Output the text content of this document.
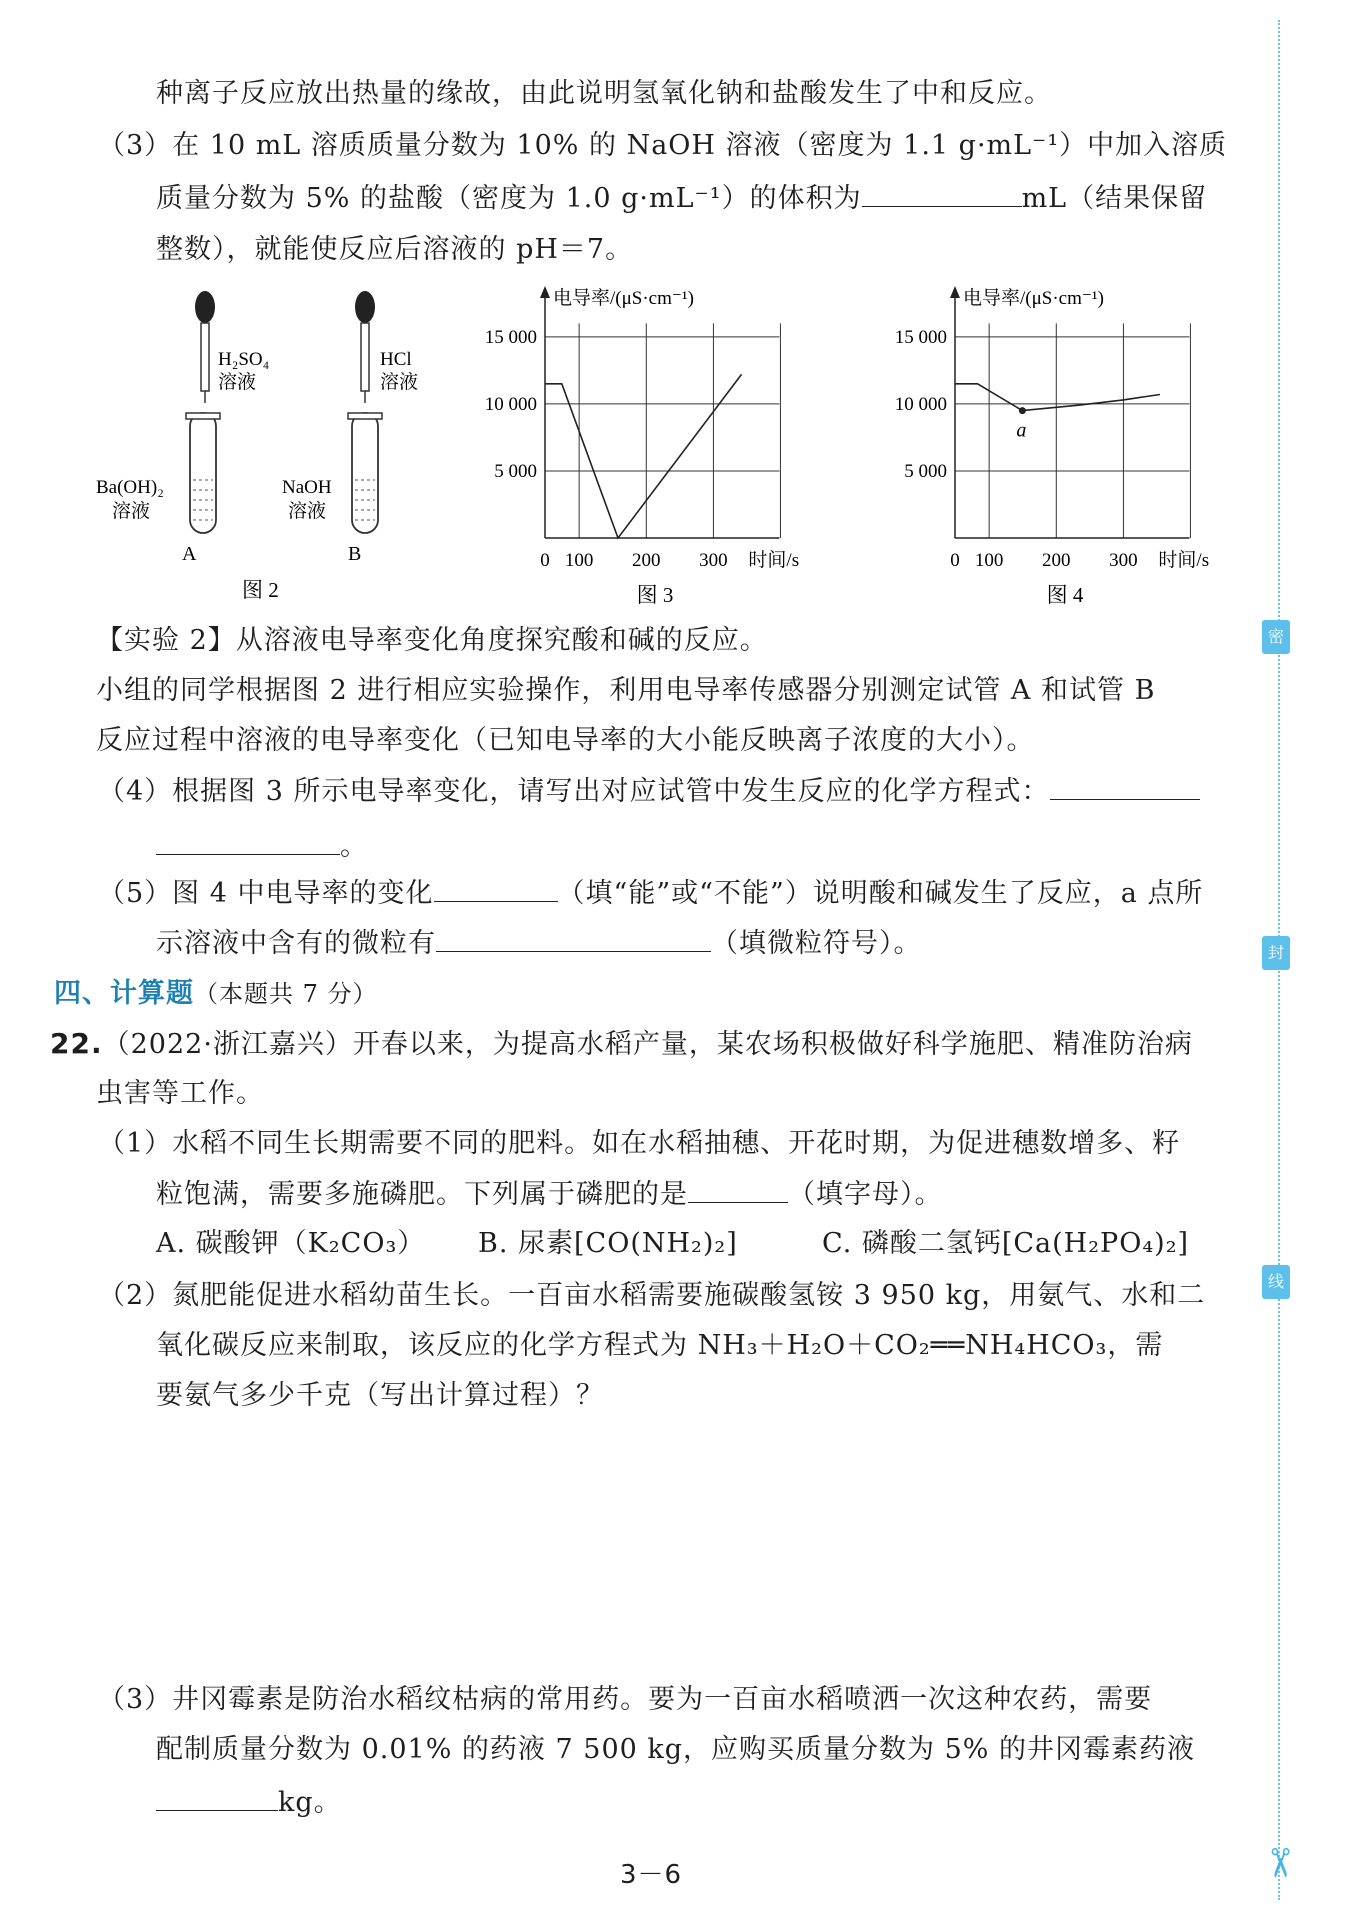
密
封
线
✂
种离子反应放出热量的缘故，由此说明氢氧化钠和盐酸发生了中和反应。
（3）在 10 mL 溶质质量分数为 10% 的 NaOH 溶液（密度为 1.1 g·mL⁻¹）中加入溶质
质量分数为 5% 的盐酸（密度为 1.0 g·mL⁻¹）的体积为	mL（结果保留
整数），就能使反应后溶液的 pH＝7。
H₂SO₄
溶液
Ba(OH)₂
溶液
A
HCl
溶液
NaOH
溶液
B
图 2
5 000
10 000
15 000
0 100 200 300
电导率/(μS·cm⁻¹)
时间/s
图 3
5 000
10 000
15 000
0 100 200 300
电导率/(μS·cm⁻¹)
时间/s
a
图 4
【实验 2】从溶液电导率变化角度探究酸和碱的反应。
小组的同学根据图 2 进行相应实验操作，利用电导率传感器分别测定试管 A 和试管 B
反应过程中溶液的电导率变化（已知电导率的大小能反映离子浓度的大小）。
（4）根据图 3 所示电导率变化，请写出对应试管中发生反应的化学方程式：
。
（5）图 4 中电导率的变化	（填“能”或“不能”）说明酸和碱发生了反应，a 点所
示溶液中含有的微粒有	（填微粒符号）。
四、计算题（本题共 7 分）
22.（2022·浙江嘉兴）开春以来，为提高水稻产量，某农场积极做好科学施肥、精准防治病
虫害等工作。
（1）水稻不同生长期需要不同的肥料。如在水稻抽穗、开花时期，为促进穗数增多、籽
粒饱满，需要多施磷肥。下列属于磷肥的是	（填字母）。
A. 碳酸钾（K₂CO₃） B. 尿素[CO(NH₂)₂]	C. 磷酸二氢钙[Ca(H₂PO₄)₂]
（2）氮肥能促进水稻幼苗生长。一百亩水稻需要施碳酸氢铵 3 950 kg，用氨气、水和二
氧化碳反应来制取，该反应的化学方程式为 NH₃＋H₂O＋CO₂══NH₄HCO₃，需
要氨气多少千克（写出计算过程）？
（3）井冈霉素是防治水稻纹枯病的常用药。要为一百亩水稻喷洒一次这种农药，需要
配制质量分数为 0.01% 的药液 7 500 kg，应购买质量分数为 5% 的井冈霉素药液
kg。
3－6
